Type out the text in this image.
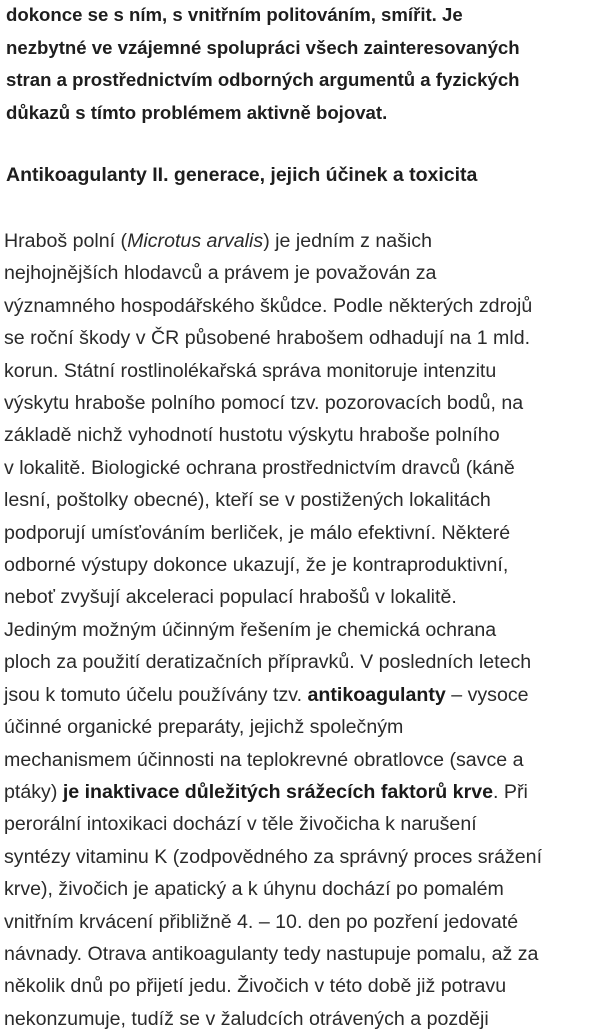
dokonce se s ním, s vnitřním politováním, smířit. Je
nezbytné ve vzájemné spolupráci všech zainteresovaných
stran a prostřednictvím odborných argumentů a fyzických
důkazů s tímto problémem aktivně bojovat.

Antikoagulanty II. generace, jejich účinek a toxicita

Hraboš polní (Microtus arvalis) je jedním z našich
nejhojnějších hlodavců a právem je považován za
významného hospodářského škůdce. Podle některých zdrojů
se roční škody v ČR působené hrabošem odhadují na 1 mld.
korun. Státní rostlinolékařská správa monitoruje intenzitu
výskytu hraboše polního pomocí tzv. pozorovacích bodů, na
základě nichž vyhodnotí hustotu výskytu hraboše polního
v lokalitě. Biologické ochrana prostřednictvím dravců (káně
lesní, poštolky obecné), kteří se v postižených lokalitách
podporují umísťováním berliček, je málo efektivní. Některé
odborné výstupy dokonce ukazují, že je kontraproduktivní,
neboť zvyšují akceleraci populací hrabošů v lokalitě.
Jediným možným účinným řešením je chemická ochrana
ploch za použití deratizačních přípravků. V posledních letech
jsou k tomuto účelu používány tzv. antikoagulanty – vysoce
účinné organické preparáty, jejichž společným
mechanismem účinnosti na teplokrevné obratlovce (savce a
ptáky) je inaktivace důležitých srážecích faktorů krve. Při
perorální intoxikaci dochází v těle živočicha k narušení
syntézy vitaminu K (zodpovědného za správný proces srážení
krve), živočich je apatický a k úhynu dochází po pomalém
vnitřním krvácení přibližně 4. – 10. den po pozření jedovaté
návnady. Otrava antikoagulanty tedy nastupuje pomalu, až za
několik dnů po přijetí jedu. Živočich v této době již potravu
nekonzumuje, tudíž se v žaludcích otrávených a později
